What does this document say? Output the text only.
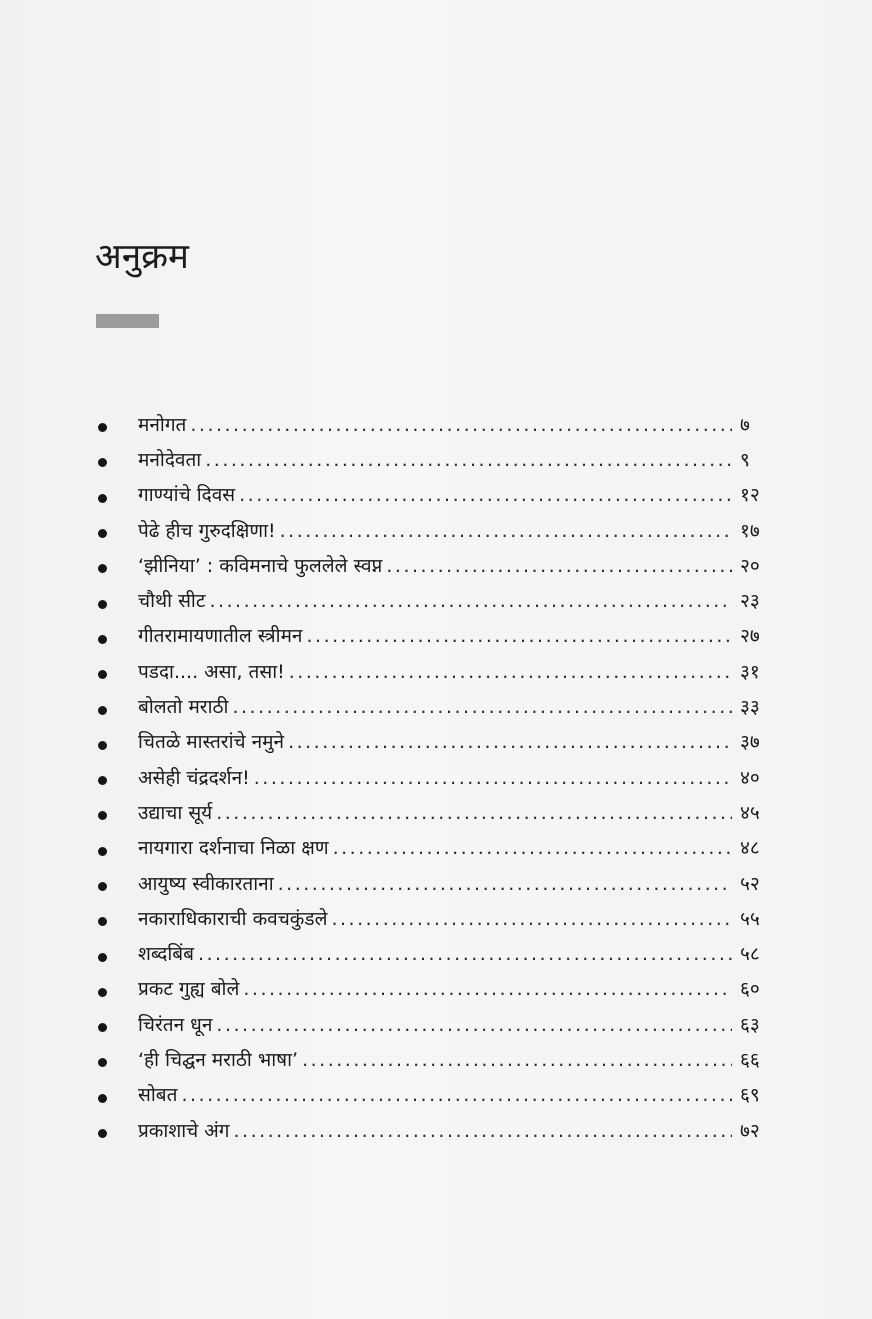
अनुक्रम
मनोगत .....	७
मनोदेवता .....	९
गाण्यांचे दिवस .....	१२
पेढे हीच गुरुदक्षिणा! .....	१७
‘झीनिया’ : कविमनाचे फुललेले स्वप्न .....	२०
चौथी सीट .....	२३
गीतरामायणातील स्त्रीमन .....	२७
पडदा.... असा, तसा! .....	३१
बोलतो मराठी .....	३३
चितळे मास्तरांचे नमुने .....	३७
असेही चंद्रदर्शन! .....	४०
उद्याचा सूर्य .....	४५
नायगारा दर्शनाचा निळा क्षण .....	४८
आयुष्य स्वीकारताना .....	५२
नकाराधिकाराची कवचकुंडले .....	५५
शब्दबिंब .....	५८
प्रकट गुह्य बोले .....	६०
चिरंतन धून .....	६३
‘ही चिद्घन मराठी भाषा’ .....	६६
सोबत .....	६९
प्रकाशाचे अंग .....	७२
